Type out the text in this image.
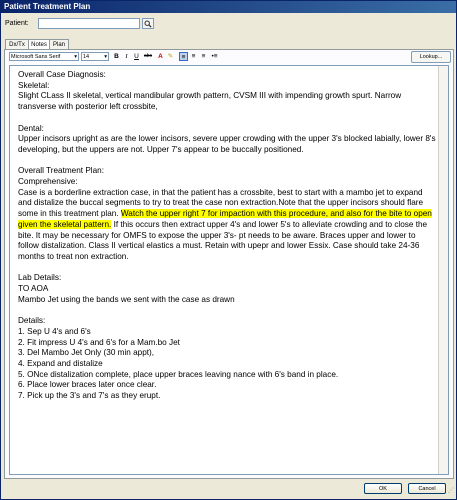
Patient Treatment Plan
Patient:
Dx/Tx	Notes	Plan
Microsoft Sans Serif	▾	14	▾	B	I	U	abc A ✎	≡ ≡ ≡ •≡	Lookup...

Overall Case Diagnosis:

Skeletal:

Slight CLass II skeletal, vertical mandibular growth pattern, CVSM III with impending growth spurt. Narrow transverse with posterior left crossbite,

Dental:

Upper incisors upright as are the lower incisors, severe upper crowding with the upper 3's blocked labially, lower 8's developing, but the uppers are not. Upper 7's appear to be buccally positioned.

Overall Treatment Plan:

Comprehensive:

Case is a borderline extraction case, in that the patient has a crossbite, best to start with a mambo jet to expand and distalize the buccal segments to try to treat the case non extraction.Note that the upper incisors should flare some in this treatment plan. Watch the upper right 7 for impaction with this procedure, and also for the bite to open given the skeletal pattern. If this occurs then extract upper 4's and lower 5's to alleviate crowding and to close the bite. It may be necessary for OMFS to expose the upper 3's- pt needs to be aware. Braces upper and lower to follow distalization. Class II vertical elastics a must. Retain with upepr and lower Essix. Case should take 24-36 months to treat non extraction.

Lab Details:

TO AOA

Mambo Jet using the bands we sent with the case as drawn

Details:

1. Sep U 4's and 6's

2. Fit impress U 4's and 6's for a Mam.bo Jet

3. Del Mambo Jet Only (30 min appt),

4. Expand and distalize

5. ONce distalization complete, place upper braces leaving nance with 6's band in place.

6. Place lower braces later once clear.

7. Pick up the 3's and 7's as they erupt.

OK	Cancel	⋰
